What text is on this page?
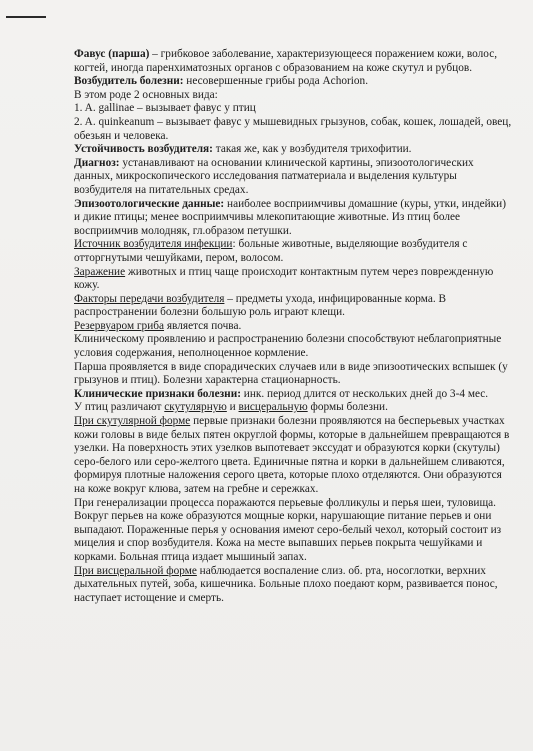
Фавус (парша) – грибковое заболевание, характеризующееся поражением кожи, волос, когтей, иногда паренхиматозных органов с образованием на коже скутул и рубцов.

Возбудитель болезни: несовершенные грибы рода Achorion.

В этом роде 2 основных вида:

1. A. gallinae – вызывает фавус у птиц

2. A. quinkeanum – вызывает фавус у мышевидных грызунов, собак, кошек, лошадей, овец, обезьян и человека.

Устойчивость возбудителя: такая же, как у возбудителя трихофитии.

Диагноз: устанавливают на основании клинической картины, эпизоотологических данных, микроскопического исследования патматериала и выделения культуры возбудителя на питательных средах.

Эпизоотологические данные: наиболее восприимчивы домашние (куры, утки, индейки) и дикие птицы; менее восприимчивы млекопитающие животные. Из птиц более восприимчив молодняк, гл.образом петушки.

Источник возбудителя инфекции: больные животные, выделяющие возбудителя с отторгнутыми чешуйками, пером, волосом.

Заражение животных и птиц чаще происходит контактным путем через поврежденную кожу.

Факторы передачи возбудителя – предметы ухода, инфицированные корма. В распространении болезни большую роль играют клещи.

Резервуаром гриба является почва.

Клиническому проявлению и распространению болезни способствуют неблагоприятные условия содержания, неполноценное кормление.

Парша проявляется в виде спорадических случаев или в виде эпизоотических вспышек (у грызунов и птиц). Болезни характерна стационарность.

Клинические признаки болезни: инк. период длится от нескольких дней до 3-4 мес.

У птиц различают скутулярную и висцеральную формы болезни.

При скутулярной форме первые признаки болезни проявляются на бесперьевых участках кожи головы в виде белых пятен округлой формы, которые в дальнейшем превращаются в узелки. На поверхность этих узелков выпотевает экссудат и образуются корки (скутулы) серо-белого или серо-желтого цвета. Единичные пятна и корки в дальнейшем сливаются, формируя плотные наложения серого цвета, которые плохо отделяются. Они образуются на коже вокруг клюва, затем на гребне и сережках.

При генерализации процесса поражаются перьевые фолликулы и перья шеи, туловища. Вокруг перьев на коже образуются мощные корки, нарушающие питание перьев и они выпадают. Пораженные перья у основания имеют серо-белый чехол, который состоит из мицелия и спор возбудителя. Кожа на месте выпавших перьев покрыта чешуйками и корками. Больная птица издает мышиный запах.

При висцеральной форме наблюдается воспаление слиз. об. рта, носоглотки, верхних дыхательных путей, зоба, кишечника. Больные плохо поедают корм, развивается понос, наступает истощение и смерть.
